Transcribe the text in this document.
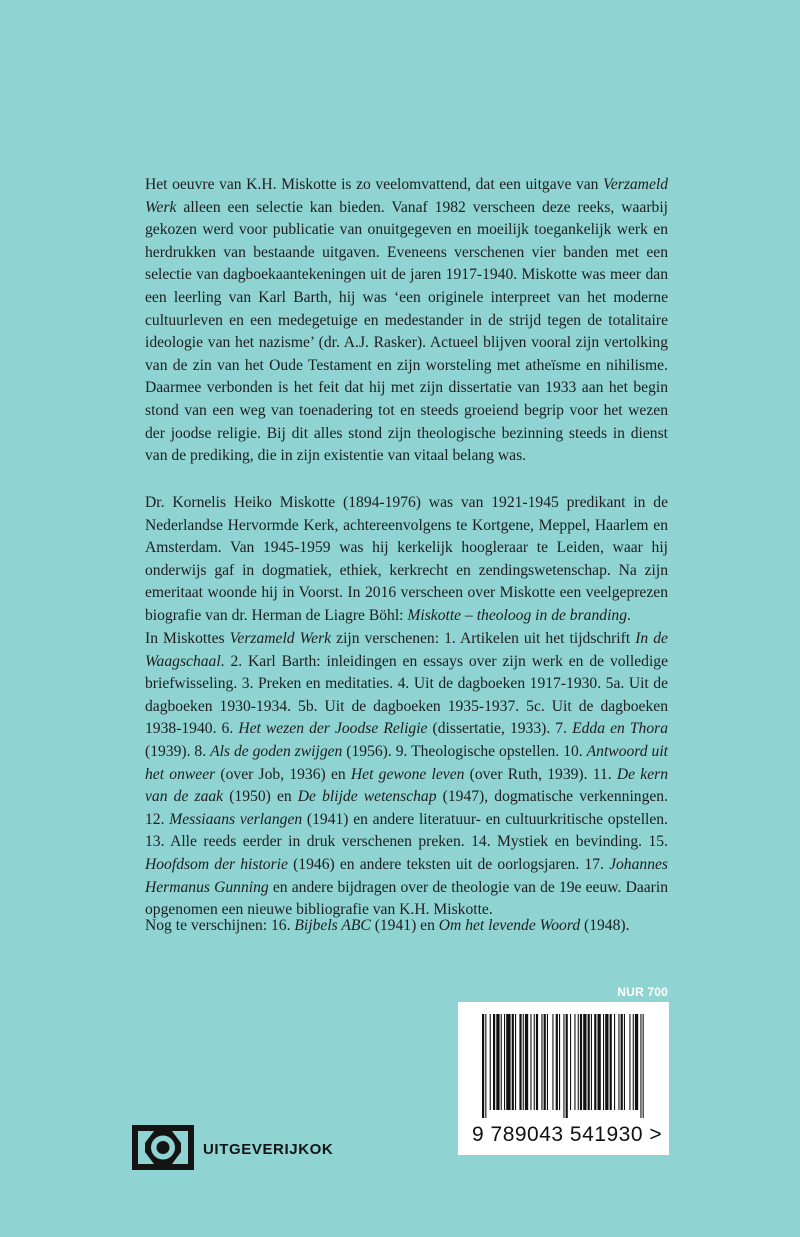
Het oeuvre van K.H. Miskotte is zo veelomvattend, dat een uitgave van Verzameld Werk alleen een selectie kan bieden. Vanaf 1982 verscheen deze reeks, waarbij gekozen werd voor publicatie van onuitgegeven en moeilijk toegankelijk werk en herdrukken van bestaande uitgaven. Eveneens verschenen vier banden met een selectie van dagboekaantekeningen uit de jaren 1917-1940. Miskotte was meer dan een leerling van Karl Barth, hij was ‘een originele interpreet van het moderne cultuurleven en een medegetuige en medestander in de strijd tegen de totalitaire ideologie van het nazisme’ (dr. A.J. Rasker). Actueel blijven vooral zijn vertolking van de zin van het Oude Testament en zijn worsteling met atheïsme en nihilisme. Daarmee verbonden is het feit dat hij met zijn dissertatie van 1933 aan het begin stond van een weg van toenadering tot en steeds groeiend begrip voor het wezen der joodse religie. Bij dit alles stond zijn theologische bezinning steeds in dienst van de prediking, die in zijn existentie van vitaal belang was.

Dr. Kornelis Heiko Miskotte (1894-1976) was van 1921-1945 predikant in de Nederlandse Hervormde Kerk, achtereenvolgens te Kortgene, Meppel, Haarlem en Amsterdam. Van 1945-1959 was hij kerkelijk hoogleraar te Leiden, waar hij onderwijs gaf in dogmatiek, ethiek, kerkrecht en zendingswetenschap. Na zijn emeritaat woonde hij in Voorst. In 2016 verscheen over Miskotte een veelgeprezen biografie van dr. Herman de Liagre Böhl: Miskotte – theoloog in de branding.

In Miskottes Verzameld Werk zijn verschenen: 1. Artikelen uit het tijdschrift In de Waagschaal. 2. Karl Barth: inleidingen en essays over zijn werk en de volledige briefwisseling. 3. Preken en meditaties. 4. Uit de dagboeken 1917-1930. 5a. Uit de dagboeken 1930-1934. 5b. Uit de dagboeken 1935-1937. 5c. Uit de dagboeken 1938-1940. 6. Het wezen der Joodse Religie (dissertatie, 1933). 7. Edda en Thora (1939). 8. Als de goden zwijgen (1956). 9. Theologische opstellen. 10. Antwoord uit het onweer (over Job, 1936) en Het gewone leven (over Ruth, 1939). 11. De kern van de zaak (1950) en De blijde wetenschap (1947), dogmatische verkenningen. 12. Messiaans verlangen (1941) en andere literatuur- en cultuurkritische opstellen. 13. Alle reeds eerder in druk verschenen preken. 14. Mystiek en bevinding. 15. Hoofdsom der historie (1946) en andere teksten uit de oorlogsjaren. 17. Johannes Hermanus Gunning en andere bijdragen over de theologie van de 19e eeuw. Daarin opgenomen een nieuwe bibliografie van K.H. Miskotte.

Nog te verschijnen: 16. Bijbels ABC (1941) en Om het levende Woord (1948).

NUR 700
9 789043 541930 >
UITGEVERIJKOK
